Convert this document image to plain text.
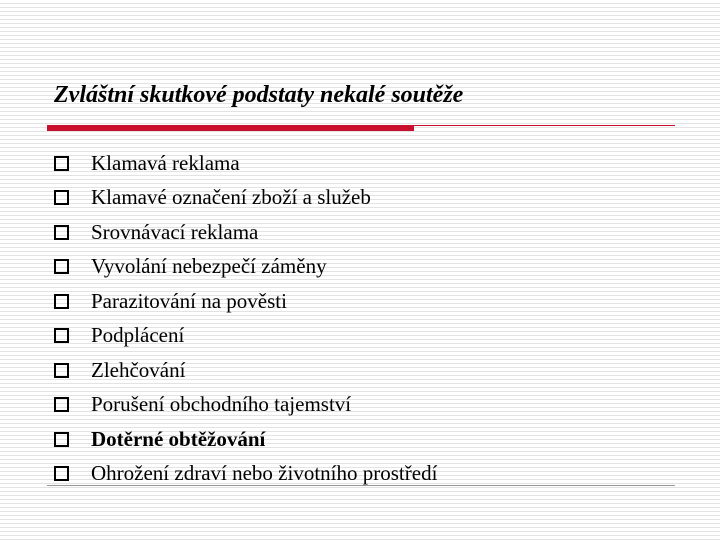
Zvláštní skutkové podstaty nekalé soutěže
Klamavá reklama
Klamavé označení zboží a služeb
Srovnávací reklama
Vyvolání nebezpečí záměny
Parazitování na pověsti
Podplácení
Zlehčování
Porušení obchodního tajemství
Dotěrné obtěžování
Ohrožení zdraví nebo životního prostředí
